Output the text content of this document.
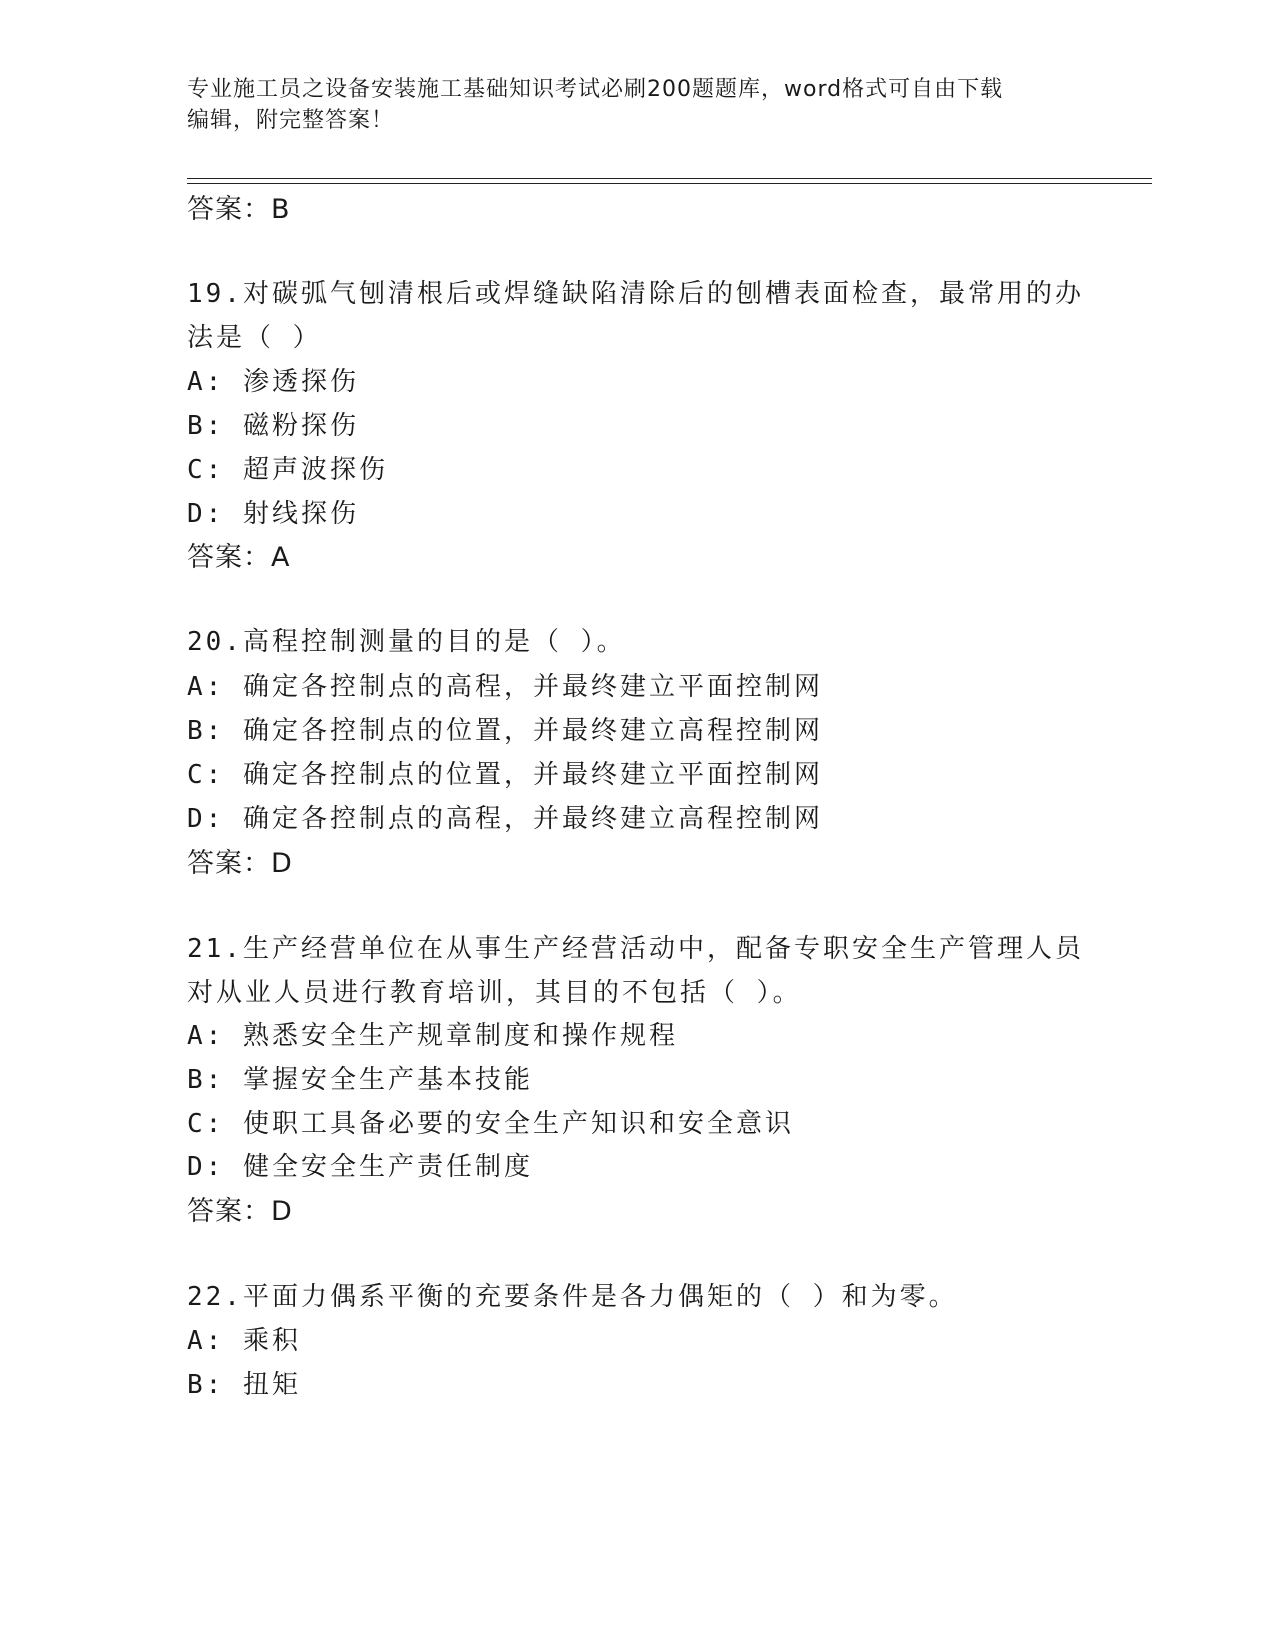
专业施工员之设备安装施工基础知识考试必刷200题题库，word格式可自由下载
编辑，附完整答案！
答案：B
19.对碳弧气刨清根后或焊缝缺陷清除后的刨槽表面检查，最常用的办
法是（ ）
A: 渗透探伤
B: 磁粉探伤
C: 超声波探伤
D: 射线探伤
答案：A
20.高程控制测量的目的是（ ）。
A: 确定各控制点的高程，并最终建立平面控制网
B: 确定各控制点的位置，并最终建立高程控制网
C: 确定各控制点的位置，并最终建立平面控制网
D: 确定各控制点的高程，并最终建立高程控制网
答案：D
21.生产经营单位在从事生产经营活动中，配备专职安全生产管理人员
对从业人员进行教育培训，其目的不包括（ ）。
A: 熟悉安全生产规章制度和操作规程
B: 掌握安全生产基本技能
C: 使职工具备必要的安全生产知识和安全意识
D: 健全安全生产责任制度
答案：D
22.平面力偶系平衡的充要条件是各力偶矩的（ ）和为零。
A: 乘积
B: 扭矩
